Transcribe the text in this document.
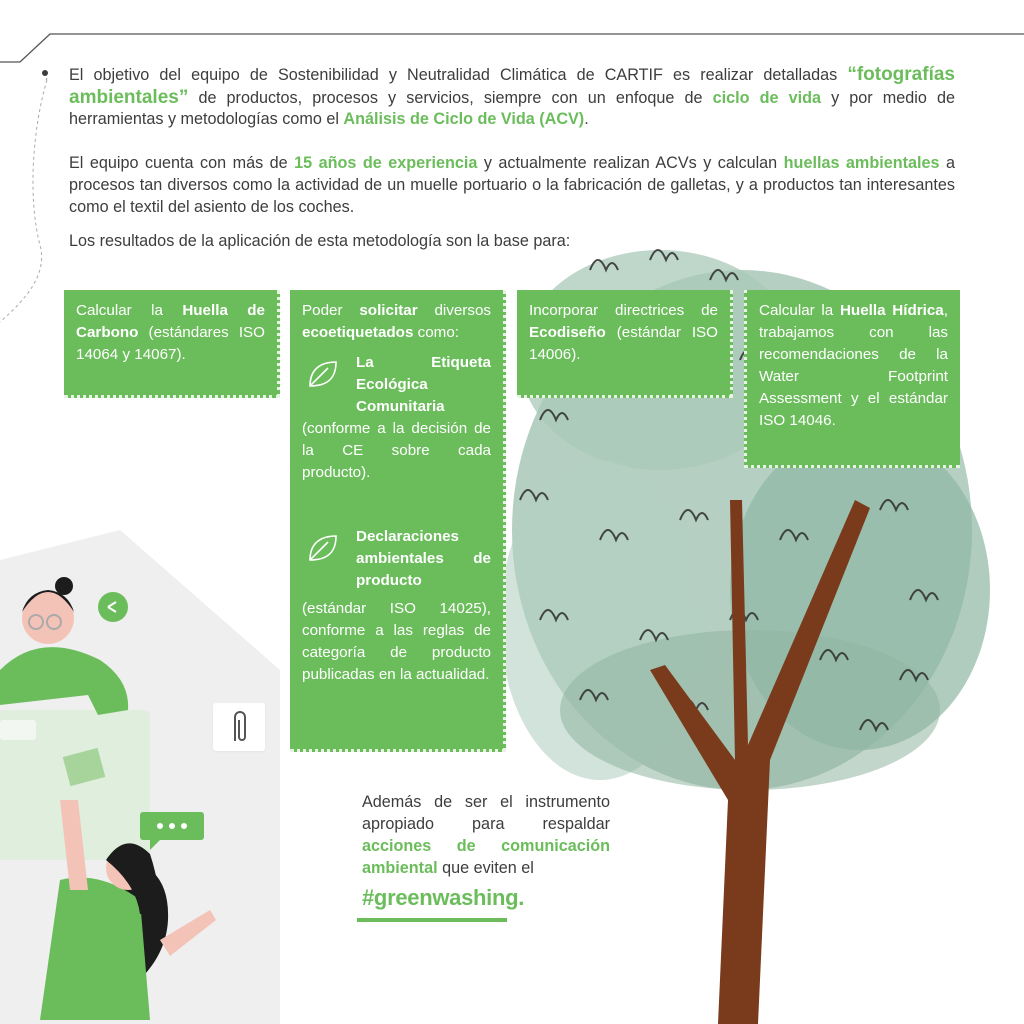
El objetivo del equipo de Sostenibilidad y Neutralidad Climática de CARTIF es realizar detalladas “fotografías ambientales” de productos, procesos y servicios, siempre con un enfoque de ciclo de vida y por medio de herramientas y metodologías como el Análisis de Ciclo de Vida (ACV).

El equipo cuenta con más de 15 años de experiencia y actualmente realizan ACVs y calculan huellas ambientales a procesos tan diversos como la actividad de un muelle portuario o la fabricación de galletas, y a productos tan interesantes como el textil del asiento de los coches.

Los resultados de la aplicación de esta metodología son la base para:

Calcular la Huella de Carbono (estándares ISO 14064 y 14067).
Poder solicitar diversos ecoetiquetados como:
La Etiqueta Ecológica Comunitaria
(conforme a la decisión de la CE sobre cada producto).
Declaraciones ambientales de producto
(estándar ISO 14025), conforme a las reglas de categoría de producto publicadas en la actualidad.
Incorporar directrices de Ecodiseño (estándar ISO 14006).
Calcular la Huella Hídrica, trabajamos con las recomendaciones de la Water Footprint Assessment y el estándar ISO 14046.

Además de ser el instrumento apropiado para respaldar acciones de comunicación ambiental que eviten el

#greenwashing.
